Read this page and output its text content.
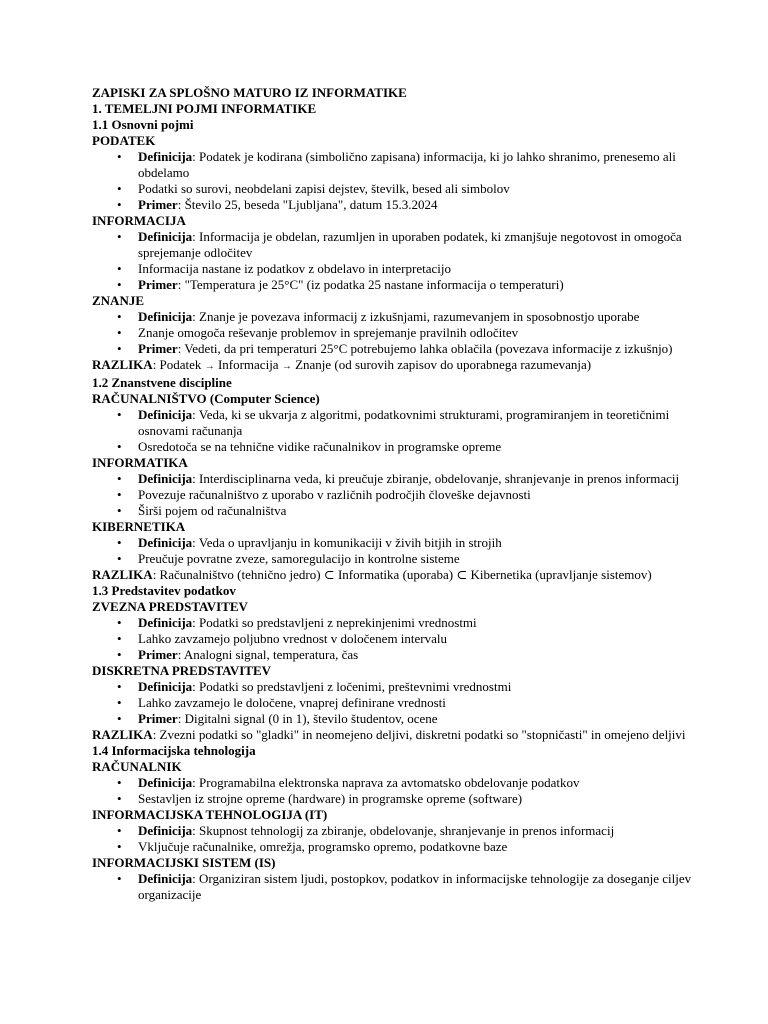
ZAPISKI ZA SPLOŠNO MATURO IZ INFORMATIKE

1. TEMELJNI POJMI INFORMATIKE

1.1 Osnovni pojmi

PODATEK

• Definicija: Podatek je kodirana (simbolično zapisana) informacija, ki jo lahko shranimo, prenesemo ali obdelamo
• Podatki so surovi, neobdelani zapisi dejstev, številk, besed ali simbolov
• Primer: Število 25, beseda "Ljubljana", datum 15.3.2024

INFORMACIJA

• Definicija: Informacija je obdelan, razumljen in uporaben podatek, ki zmanjšuje negotovost in omogoča sprejemanje odločitev
• Informacija nastane iz podatkov z obdelavo in interpretacijo
• Primer: "Temperatura je 25°C" (iz podatka 25 nastane informacija o temperaturi)

ZNANJE

• Definicija: Znanje je povezava informacij z izkušnjami, razumevanjem in sposobnostjo uporabe
• Znanje omogoča reševanje problemov in sprejemanje pravilnih odločitev
• Primer: Vedeti, da pri temperaturi 25°C potrebujemo lahka oblačila (povezava informacije z izkušnjo)

RAZLIKA: Podatek → Informacija → Znanje (od surovih zapisov do uporabnega razumevanja)

1.2 Znanstvene discipline

RAČUNALNIŠTVO (Computer Science)

• Definicija: Veda, ki se ukvarja z algoritmi, podatkovnimi strukturami, programiranjem in teoretičnimi osnovami računanja
• Osredotoča se na tehnične vidike računalnikov in programske opreme

INFORMATIKA

• Definicija: Interdisciplinarna veda, ki preučuje zbiranje, obdelovanje, shranjevanje in prenos informacij
• Povezuje računalništvo z uporabo v različnih področjih človeške dejavnosti
• Širši pojem od računalništva

KIBERNETIKA

• Definicija: Veda o upravljanju in komunikaciji v živih bitjih in strojih
• Preučuje povratne zveze, samoregulacijo in kontrolne sisteme

RAZLIKA: Računalništvo (tehnično jedro) ⊂ Informatika (uporaba) ⊂ Kibernetika (upravljanje sistemov)

1.3 Predstavitev podatkov

ZVEZNA PREDSTAVITEV

• Definicija: Podatki so predstavljeni z neprekinjenimi vrednostmi
• Lahko zavzamejo poljubno vrednost v določenem intervalu
• Primer: Analogni signal, temperatura, čas

DISKRETNA PREDSTAVITEV

• Definicija: Podatki so predstavljeni z ločenimi, preštevnimi vrednostmi
• Lahko zavzamejo le določene, vnaprej definirane vrednosti
• Primer: Digitalni signal (0 in 1), število študentov, ocene

RAZLIKA: Zvezni podatki so "gladki" in neomejeno deljivi, diskretni podatki so "stopničasti" in omejeno deljivi

1.4 Informacijska tehnologija

RAČUNALNIK

• Definicija: Programabilna elektronska naprava za avtomatsko obdelovanje podatkov
• Sestavljen iz strojne opreme (hardware) in programske opreme (software)

INFORMACIJSKA TEHNOLOGIJA (IT)

• Definicija: Skupnost tehnologij za zbiranje, obdelovanje, shranjevanje in prenos informacij
• Vključuje računalnike, omrežja, programsko opremo, podatkovne baze

INFORMACIJSKI SISTEM (IS)

• Definicija: Organiziran sistem ljudi, postopkov, podatkov in informacijske tehnologije za doseganje ciljev organizacije
